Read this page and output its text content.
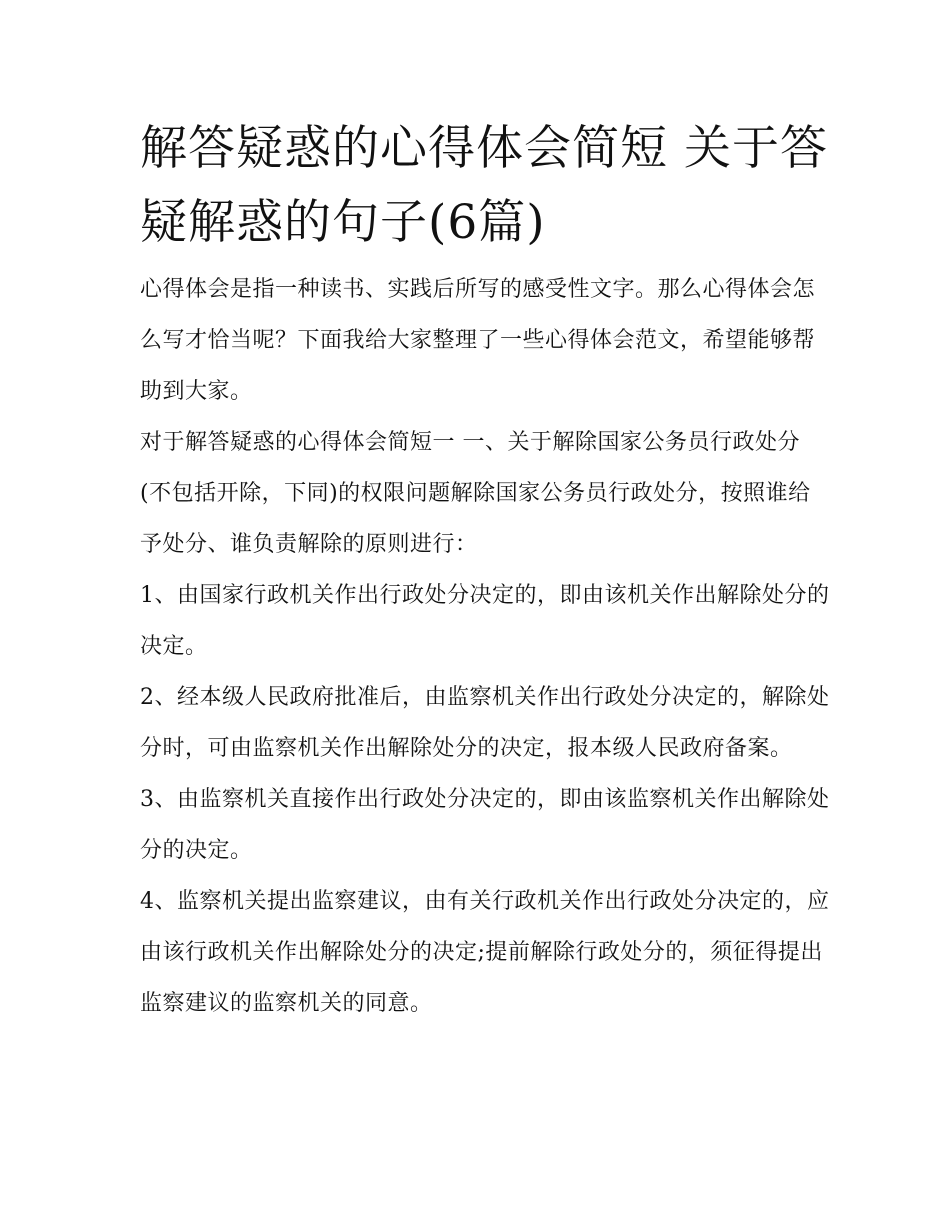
解答疑惑的心得体会简短 关于答疑解惑的句子(6篇)

心得体会是指一种读书、实践后所写的感受性文字。那么心得体会怎么写才恰当呢？下面我给大家整理了一些心得体会范文，希望能够帮助到大家。

对于解答疑惑的心得体会简短一 一、关于解除国家公务员行政处分(不包括开除，下同)的权限问题解除国家公务员行政处分，按照谁给予处分、谁负责解除的原则进行：

1、由国家行政机关作出行政处分决定的，即由该机关作出解除处分的决定。

2、经本级人民政府批准后，由监察机关作出行政处分决定的，解除处分时，可由监察机关作出解除处分的决定，报本级人民政府备案。

3、由监察机关直接作出行政处分决定的，即由该监察机关作出解除处分的决定。

4、监察机关提出监察建议，由有关行政机关作出行政处分决定的，应由该行政机关作出解除处分的决定;提前解除行政处分的，须征得提出监察建议的监察机关的同意。
